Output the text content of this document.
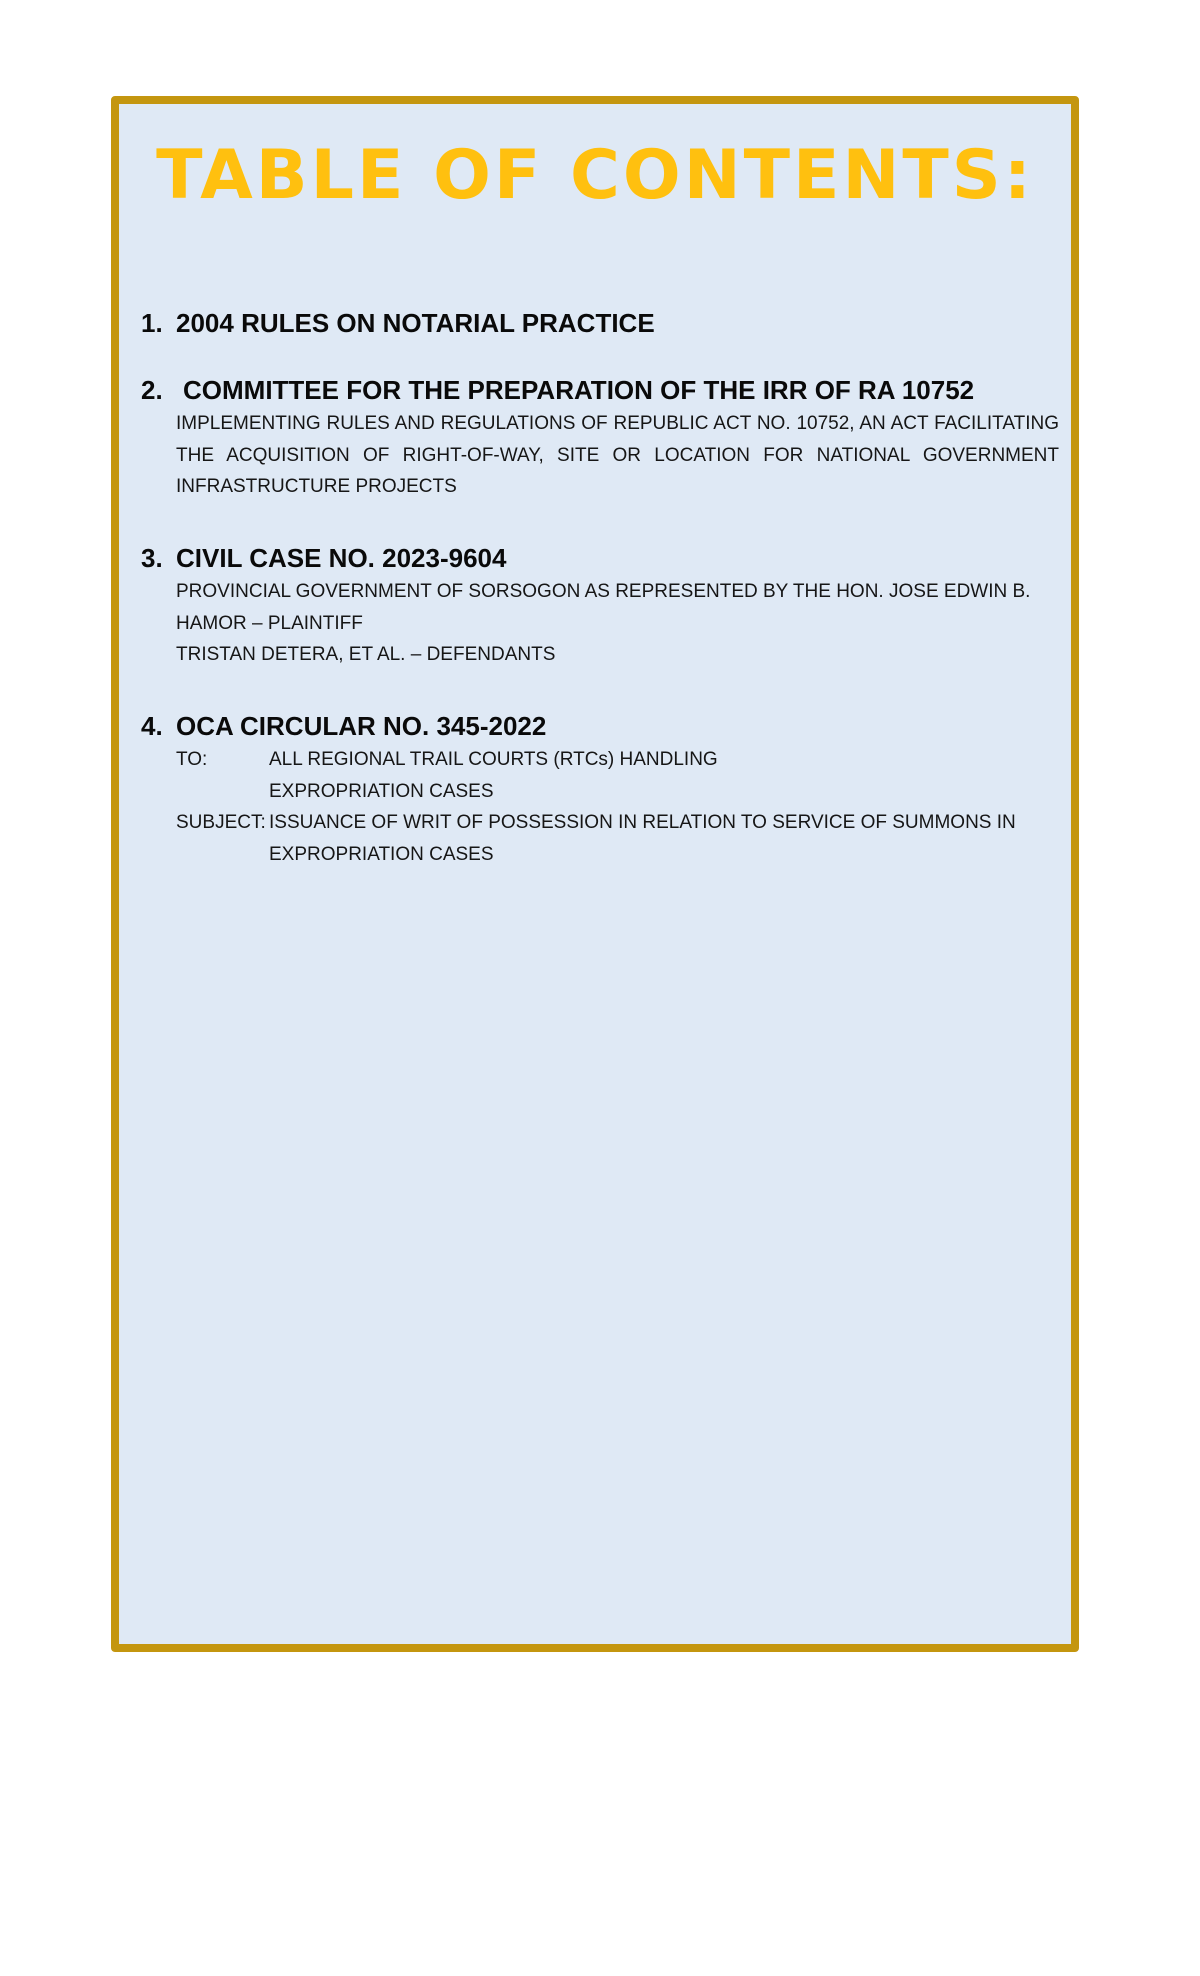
TABLE OF CONTENTS:
1. 2004 RULES ON NOTARIAL PRACTICE
2. COMMITTEE FOR THE PREPARATION OF THE IRR OF RA 10752
IMPLEMENTING RULES AND REGULATIONS OF REPUBLIC ACT NO. 10752, AN ACT FACILITATING THE ACQUISITION OF RIGHT-OF-WAY, SITE OR LOCATION FOR NATIONAL GOVERNMENT INFRASTRUCTURE PROJECTS
3. CIVIL CASE NO. 2023-9604
PROVINCIAL GOVERNMENT OF SORSOGON AS REPRESENTED BY THE HON. JOSE EDWIN B. HAMOR – PLAINTIFF
TRISTAN DETERA, ET AL. – DEFENDANTS
4. OCA CIRCULAR NO. 345-2022
TO:	ALL REGIONAL TRAIL COURTS (RTCs) HANDLING EXPROPRIATION CASES
SUBJECT: ISSUANCE OF WRIT OF POSSESSION IN RELATION TO SERVICE OF SUMMONS IN EXPROPRIATION CASES
